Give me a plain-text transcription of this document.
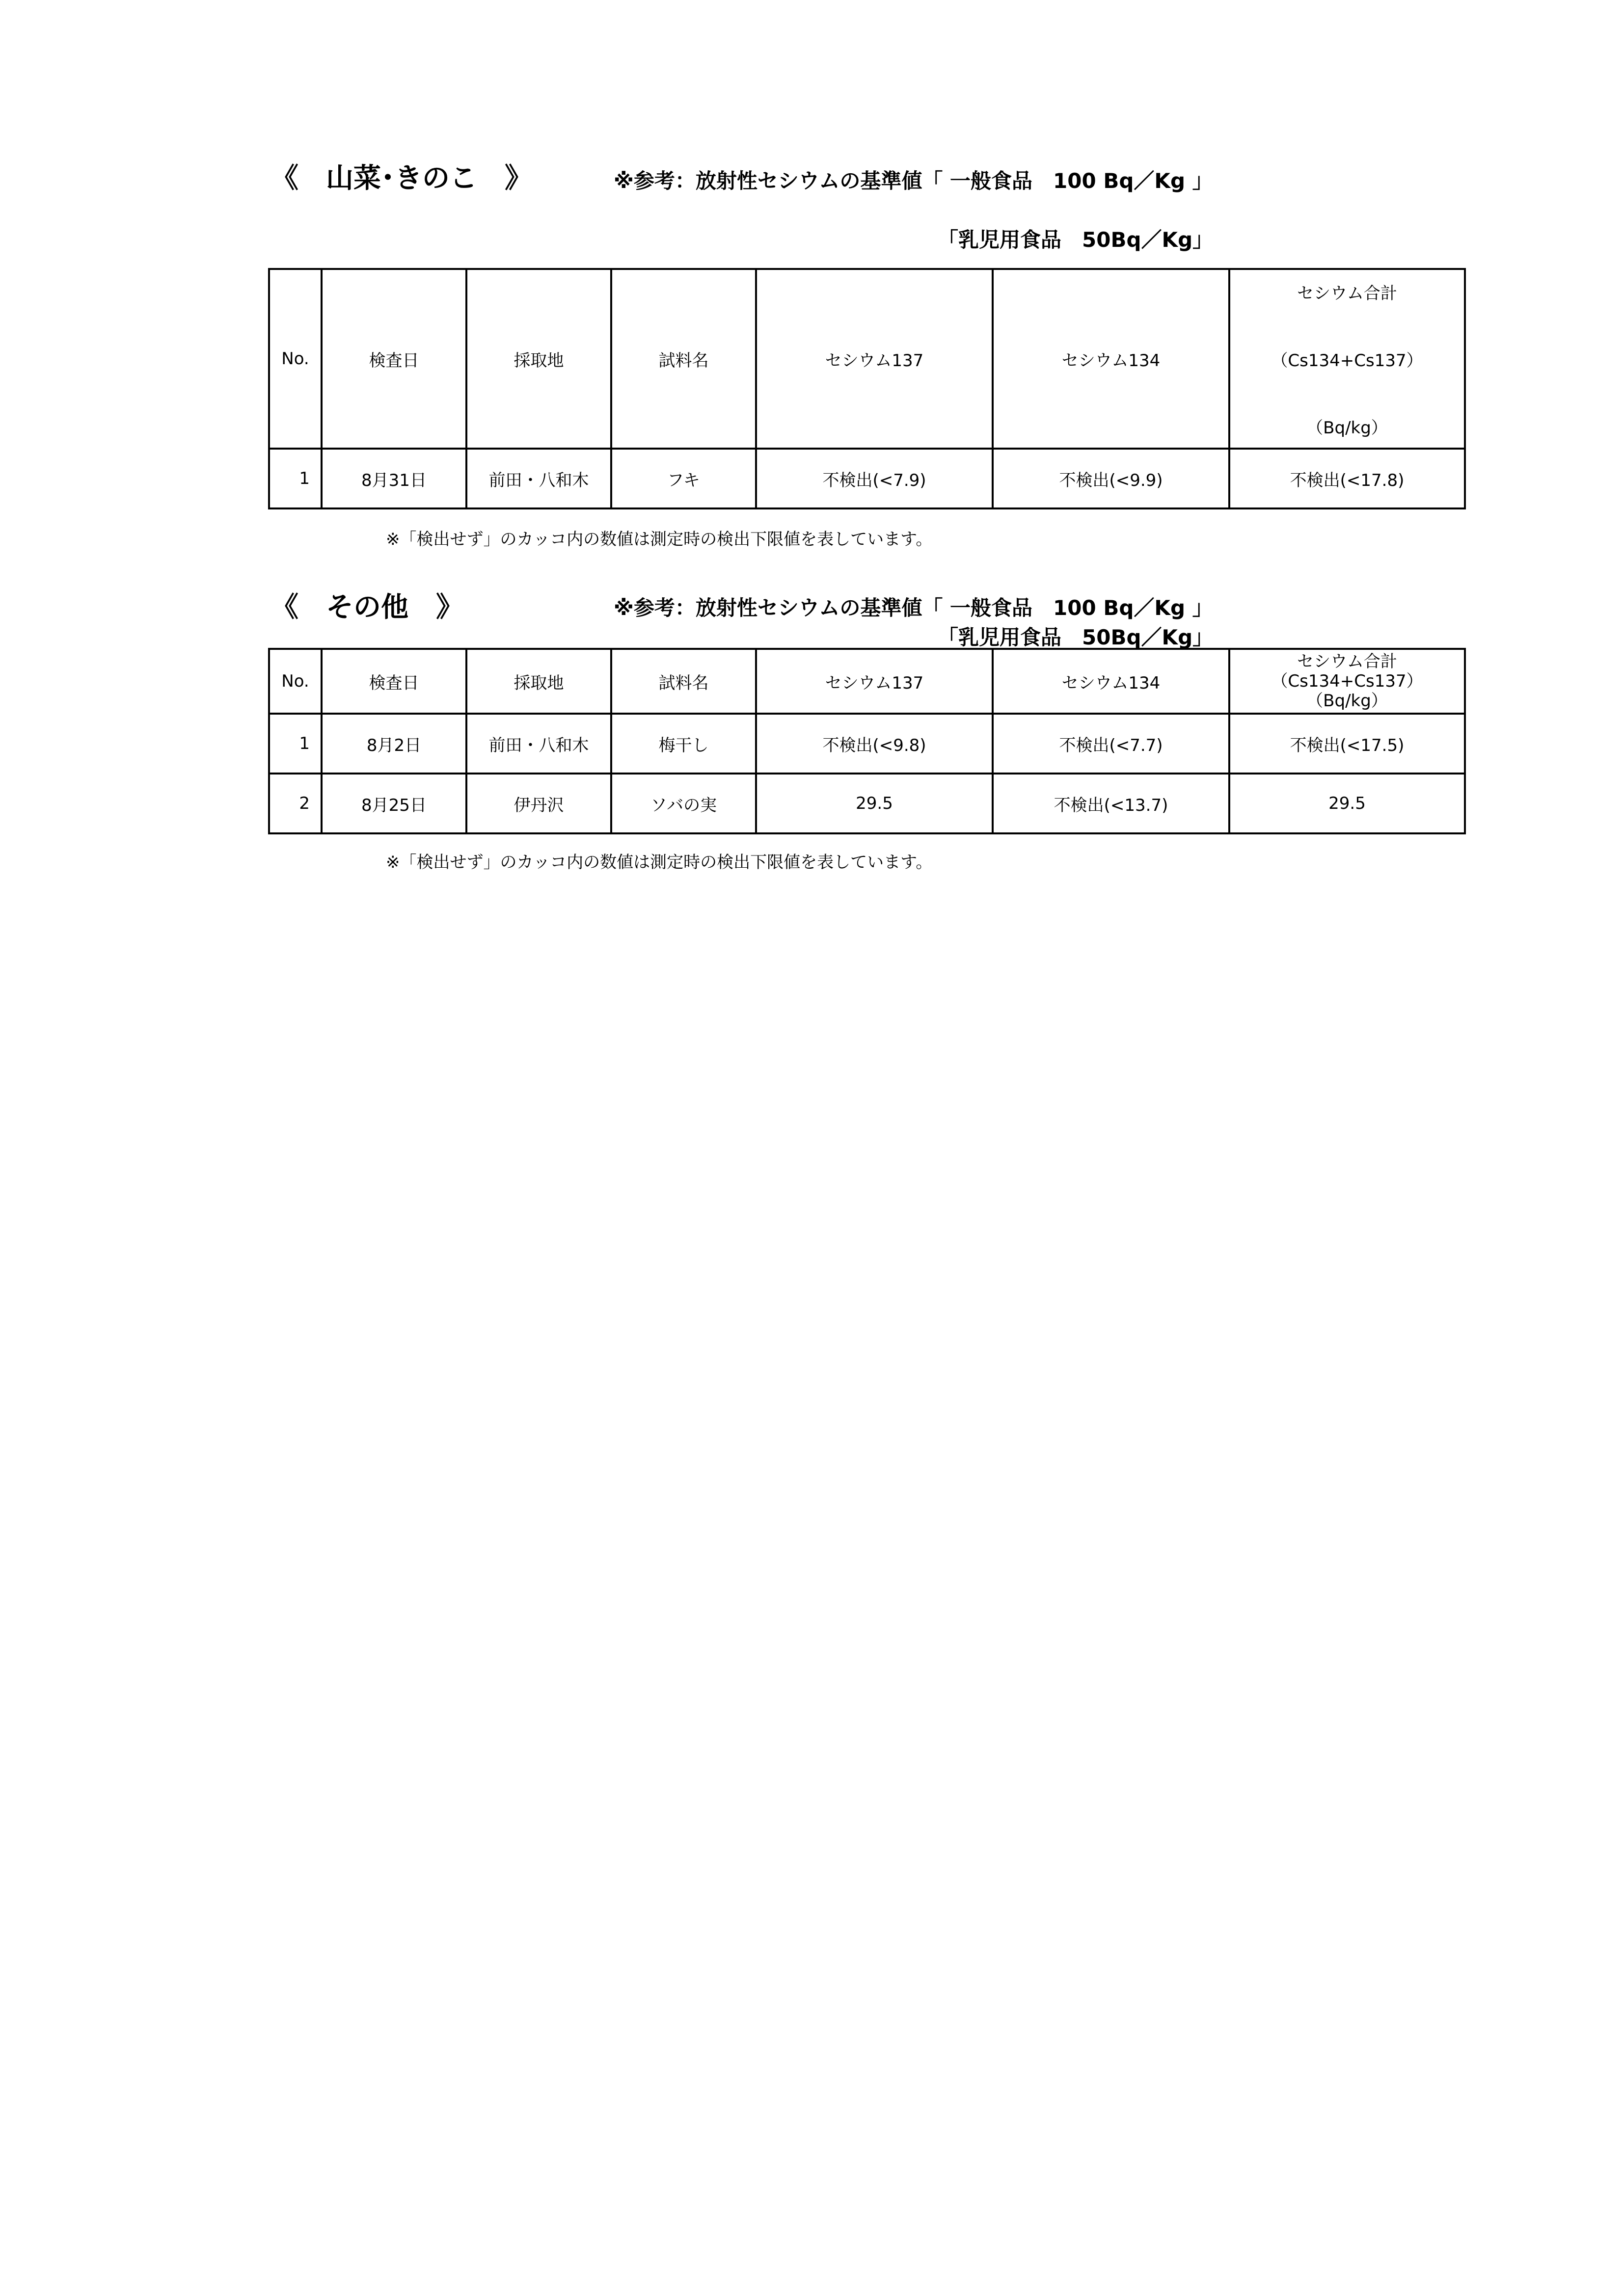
《　山菜･きのこ　》	※参考：放射性セシウムの基準値「 一般食品　100 Bq／Kg 」
「乳児用食品　50Bq／Kg」
No.	検査日	採取地	試料名	セシウム137	セシウム134	セシウム合計
（Cs134+Cs137）
（Bq/kg）

1	8月31日	前田・八和木	フキ	不検出(<7.9)	不検出(<9.9)	不検出(<17.8)
※「検出せず」のカッコ内の数値は測定時の検出下限値を表しています。
《　その他　》	※参考：放射性セシウムの基準値「 一般食品　100 Bq／Kg 」
「乳児用食品　50Bq／Kg」
No.	検査日	採取地	試料名	セシウム137	セシウム134	セシウム合計
（Cs134+Cs137）
（Bq/kg）

1	8月2日	前田・八和木	梅干し	不検出(<9.8)	不検出(<7.7)	不検出(<17.5)
2	8月25日	伊丹沢	ソバの実	29.5	不検出(<13.7)	29.5
※「検出せず」のカッコ内の数値は測定時の検出下限値を表しています。
